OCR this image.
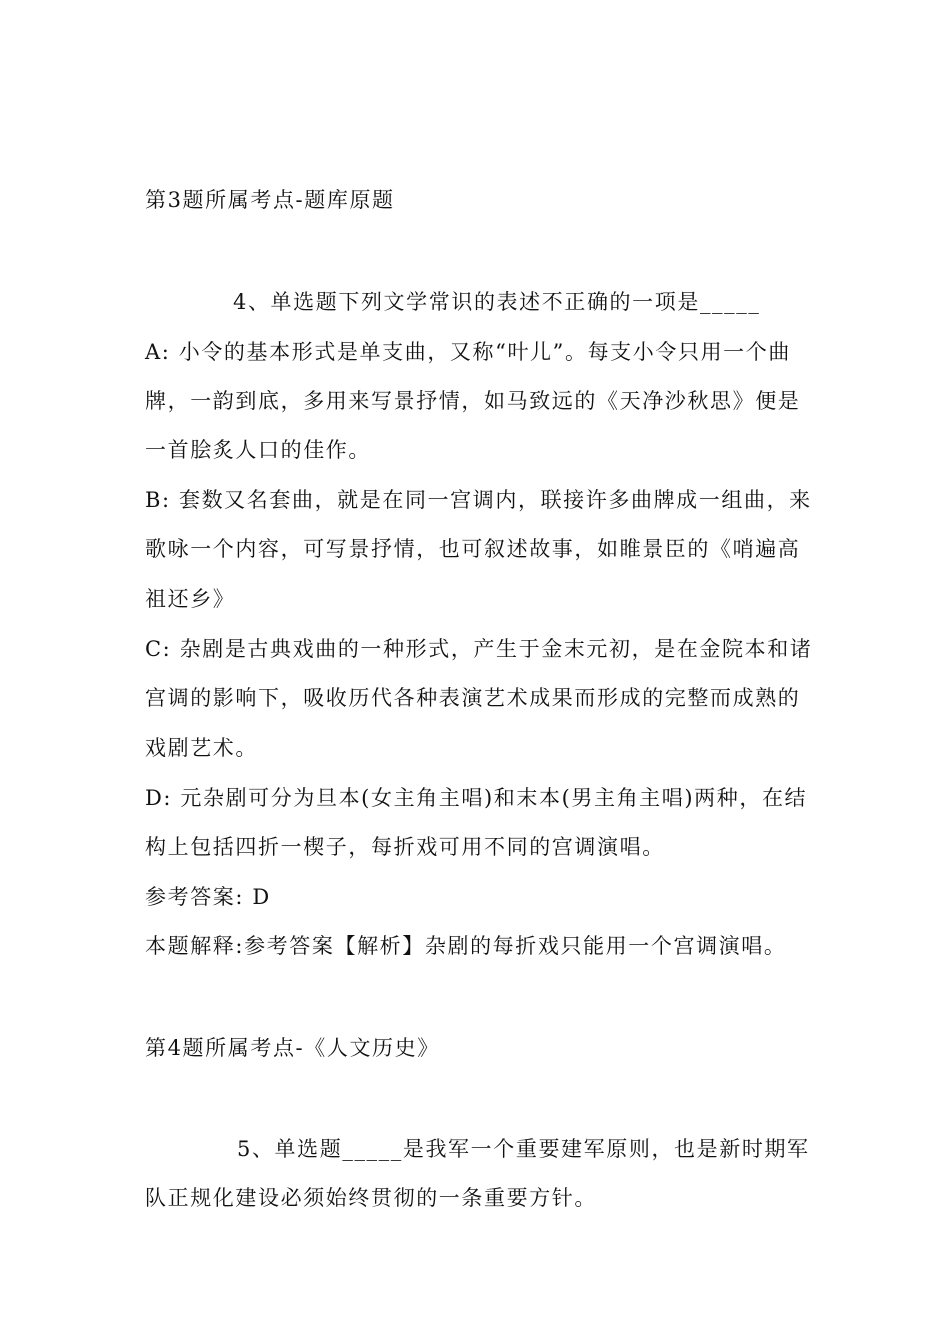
第3题所属考点-题库原题
4、单选题下列文学常识的表述不正确的一项是_____
A: 小令的基本形式是单支曲，又称“叶儿”。每支小令只用一个曲
牌，一韵到底，多用来写景抒情，如马致远的《天净沙秋思》便是
一首脍炙人口的佳作。
B: 套数又名套曲，就是在同一宫调内，联接许多曲牌成一组曲，来
歌咏一个内容，可写景抒情，也可叙述故事，如睢景臣的《哨遍高
祖还乡》
C: 杂剧是古典戏曲的一种形式，产生于金末元初，是在金院本和诸
宫调的影响下，吸收历代各种表演艺术成果而形成的完整而成熟的
戏剧艺术。
D: 元杂剧可分为旦本(女主角主唱)和末本(男主角主唱)两种，在结
构上包括四折一楔子，每折戏可用不同的宫调演唱。
参考答案: D
本题解释:参考答案【解析】杂剧的每折戏只能用一个宫调演唱。
第4题所属考点-《人文历史》
5、单选题_____是我军一个重要建军原则，也是新时期军
队正规化建设必须始终贯彻的一条重要方针。
